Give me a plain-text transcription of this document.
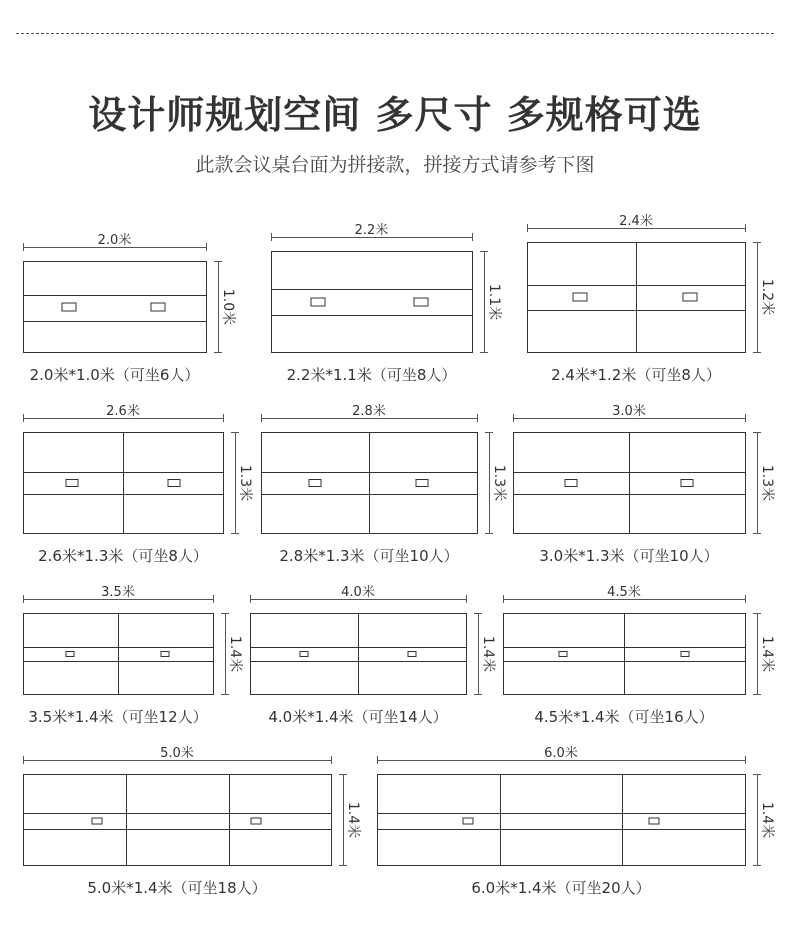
设计师规划空间 多尺寸 多规格可选
此款会议桌台面为拼接款，拼接方式请参考下图
2.0米
1.0米
2.0米*1.0米（可坐6人）
2.2米
1.1米
2.2米*1.1米（可坐8人）
2.4米
1.2米
2.4米*1.2米（可坐8人）
2.6米
1.3米
2.6米*1.3米（可坐8人）
2.8米
1.3米
2.8米*1.3米（可坐10人）
3.0米
1.3米
3.0米*1.3米（可坐10人）
3.5米
1.4米
3.5米*1.4米（可坐12人）
4.0米
1.4米
4.0米*1.4米（可坐14人）
4.5米
1.4米
4.5米*1.4米（可坐16人）
5.0米
1.4米
5.0米*1.4米（可坐18人）
6.0米
1.4米
6.0米*1.4米（可坐20人）
